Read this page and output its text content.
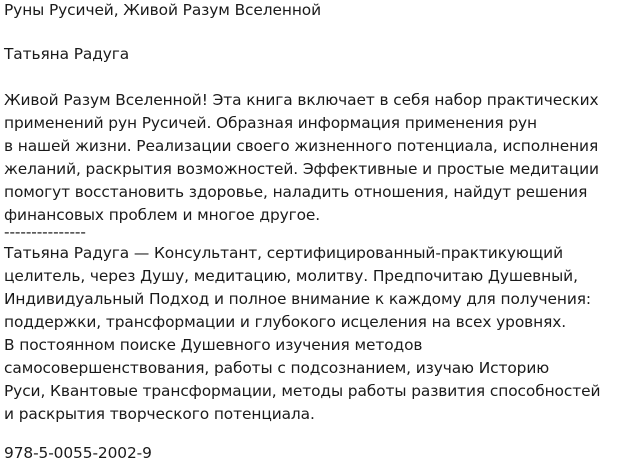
Руны Русичей, Живой Разум Вселенной
Татьяна Радуга
Живой Разум Вселенной! Эта книга включает в себя набор практических
применений рун Русичей. Образная информация применения рун
в нашей жизни. Реализации своего жизненного потенциала, исполнения
желаний, раскрытия возможностей. Эффективные и простые медитации
помогут восстановить здоровье, наладить отношения, найдут решения
финансовых проблем и многое другое.
---------------
Татьяна Радуга — Консультант, сертифицированный-практикующий
целитель, через Душу, медитацию, молитву. Предпочитаю Душевный,
Индивидуальный Подход и полное внимание к каждому для получения:
поддержки, трансформации и глубокого исцеления на всех уровнях.
В постоянном поиске Душевного изучения методов
самосовершенствования, работы с подсознанием, изучаю Историю
Руси, Квантовые трансформации, методы работы развития способностей
и раскрытия творческого потенциала.
978-5-0055-2002-9
